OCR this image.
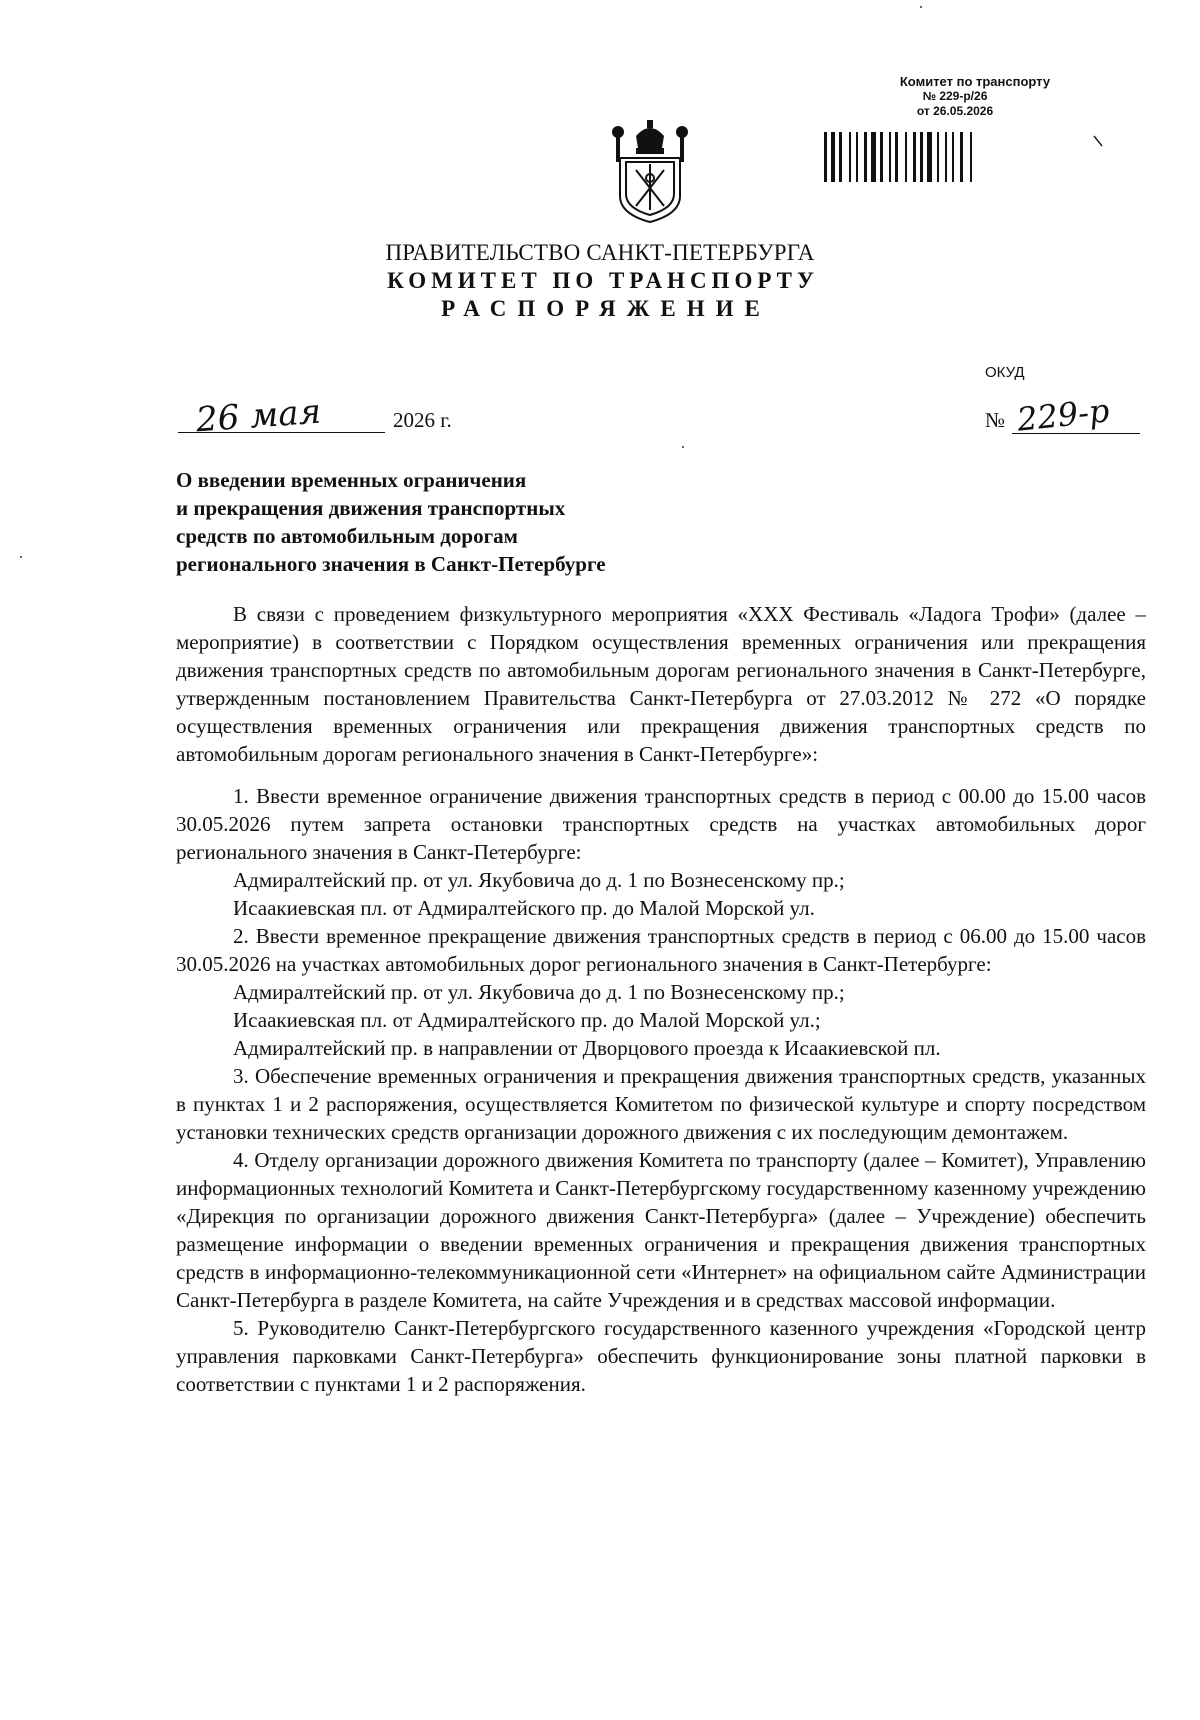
Комитет по транспорту
№ 229-р/26
от 26.05.2026
ПРАВИТЕЛЬСТВО САНКТ-ПЕТЕРБУРГА
КОМИТЕТ ПО ТРАНСПОРТУ
РАСПОРЯЖЕНИЕ
ОКУД
26 мая	2026 г.	№ 229-р
О введении временных ограничения
и прекращения движения транспортных
средств по автомобильным дорогам
регионального значения в Санкт-Петербурге

В связи с проведением физкультурного мероприятия «XXX Фестиваль «Ладога Трофи» (далее – мероприятие) в соответствии с Порядком осуществления временных ограничения или прекращения движения транспортных средств по автомобильным дорогам регионального значения в Санкт-Петербурге, утвержденным постановлением Правительства Санкт-Петербурга от 27.03.2012 № 272 «О порядке осуществления временных ограничения или прекращения движения транспортных средств по автомобильным дорогам регионального значения в Санкт-Петербурге»:

1. Ввести временное ограничение движения транспортных средств в период с 00.00 до 15.00 часов 30.05.2026 путем запрета остановки транспортных средств на участках автомобильных дорог регионального значения в Санкт-Петербурге:

Адмиралтейский пр. от ул. Якубовича до д. 1 по Вознесенскому пр.;

Исаакиевская пл. от Адмиралтейского пр. до Малой Морской ул.

2. Ввести временное прекращение движения транспортных средств в период с 06.00 до 15.00 часов 30.05.2026 на участках автомобильных дорог регионального значения в Санкт-Петербурге:

Адмиралтейский пр. от ул. Якубовича до д. 1 по Вознесенскому пр.;

Исаакиевская пл. от Адмиралтейского пр. до Малой Морской ул.;

Адмиралтейский пр. в направлении от Дворцового проезда к Исаакиевской пл.

3. Обеспечение временных ограничения и прекращения движения транспортных средств, указанных в пунктах 1 и 2 распоряжения, осуществляется Комитетом по физической культуре и спорту посредством установки технических средств организации дорожного движения с их последующим демонтажем.

4. Отделу организации дорожного движения Комитета по транспорту (далее – Комитет), Управлению информационных технологий Комитета и Санкт-Петербургскому государственному казенному учреждению «Дирекция по организации дорожного движения Санкт-Петербурга» (далее – Учреждение) обеспечить размещение информации о введении временных ограничения и прекращения движения транспортных средств в информационно-телекоммуникационной сети «Интернет» на официальном сайте Администрации Санкт-Петербурга в разделе Комитета, на сайте Учреждения и в средствах массовой информации.

5. Руководителю Санкт-Петербургского государственного казенного учреждения «Городской центр управления парковками Санкт-Петербурга» обеспечить функционирование зоны платной парковки в соответствии с пунктами 1 и 2 распоряжения.
